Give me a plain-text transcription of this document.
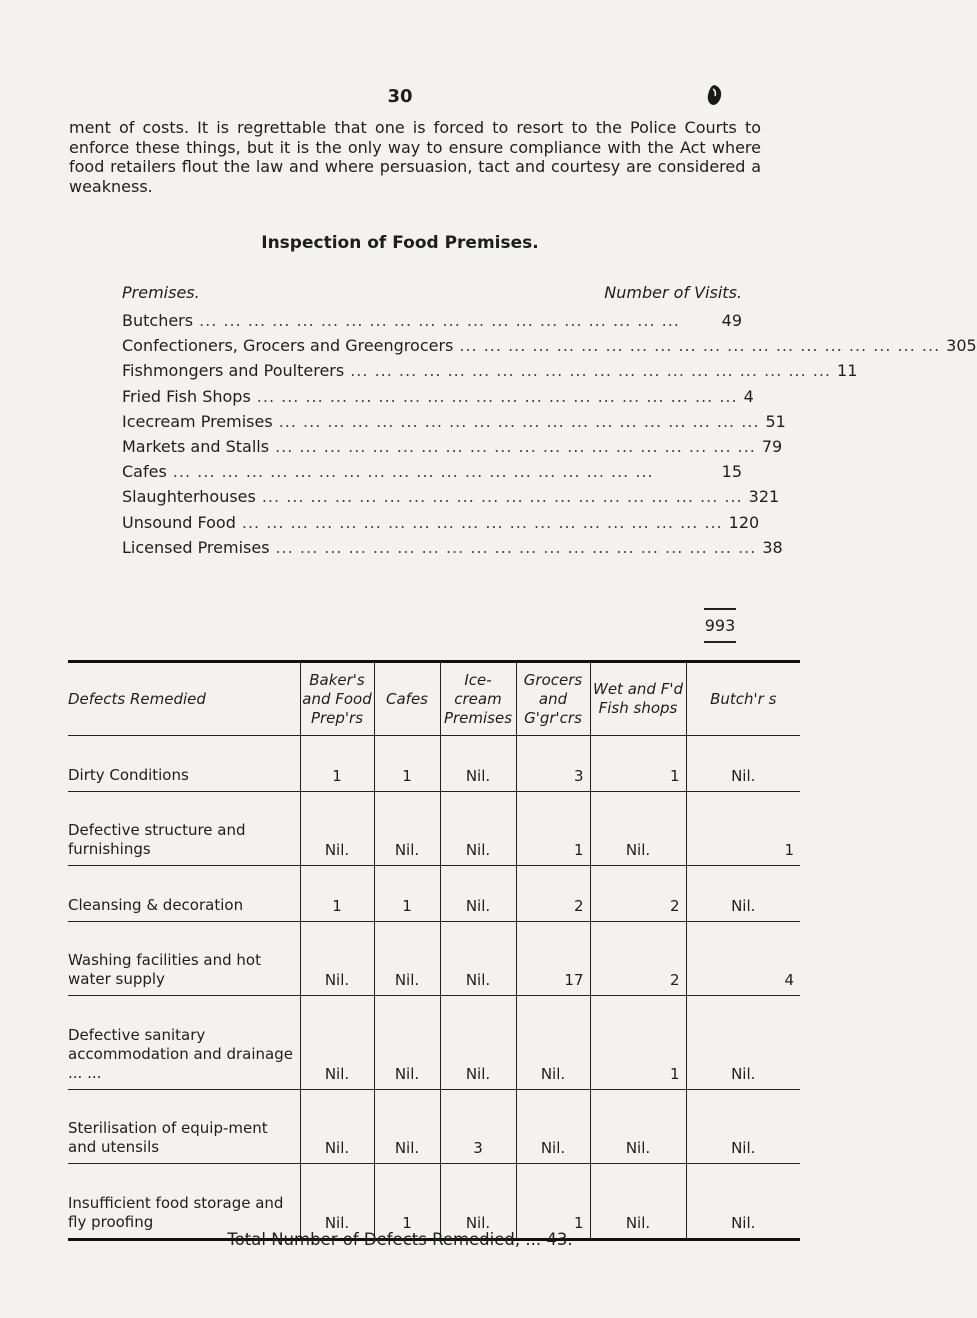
30

ment of costs. It is regrettable that one is forced to resort to the Police Courts to enforce these things, but it is the only way to ensure compliance with the Act where food retailers flout the law and where persuasion, tact and courtesy are considered a weakness.

Inspection of Food Premises.
Premises.	Number of Visits.
Butchers ... ... ... ... ... ... ... ... ... ... ... ... ... ... ... ... ... ... ... ...	49
Confectioners, Grocers and Greengrocers ... ... ... ... ... ... ... ... ... ... ... ... ... ... ... ... ... ... ... ... 305
Fishmongers and Poulterers ... ... ... ... ... ... ... ... ... ... ... ... ... ... ... ... ... ... ... ... 11
Fried Fish Shops ... ... ... ... ... ... ... ... ... ... ... ... ... ... ... ... ... ... ... ... 4
Icecream Premises ... ... ... ... ... ... ... ... ... ... ... ... ... ... ... ... ... ... ... ... 51
Markets and Stalls ... ... ... ... ... ... ... ... ... ... ... ... ... ... ... ... ... ... ... ... 79
Cafes ... ... ... ... ... ... ... ... ... ... ... ... ... ... ... ... ... ... ... ...	15
Slaughterhouses ... ... ... ... ... ... ... ... ... ... ... ... ... ... ... ... ... ... ... ... 321
Unsound Food ... ... ... ... ... ... ... ... ... ... ... ... ... ... ... ... ... ... ... ... 120
Licensed Premises ... ... ... ... ... ... ... ... ... ... ... ... ... ... ... ... ... ... ... ... 38
993
Defects Remedied	Baker's and Food Prep'rs	Cafes	Ice-cream Premises	Grocers and G'gr'crs	Wet and F'd Fish shops	Butch'r s
Dirty Conditions	1	1	Nil.	3	1	Nil.
Defective structure and furnishings	Nil.	Nil.	Nil.	1	Nil.	1
Cleansing & decoration	1	1	Nil.	2	2	Nil.
Washing facilities and hot water supply	Nil.	Nil.	Nil.	17	2	4
Defective sanitary accommodation and drainage ... ...	Nil.	Nil.	Nil.	Nil.	1	Nil.
Sterilisation of equip-ment and utensils	Nil.	Nil.	3	Nil.	Nil.	Nil.
Insufficient food storage and fly proofing	Nil.	1	Nil.	1	Nil.	Nil.
Total Number of Defects Remedied, ... 43.
